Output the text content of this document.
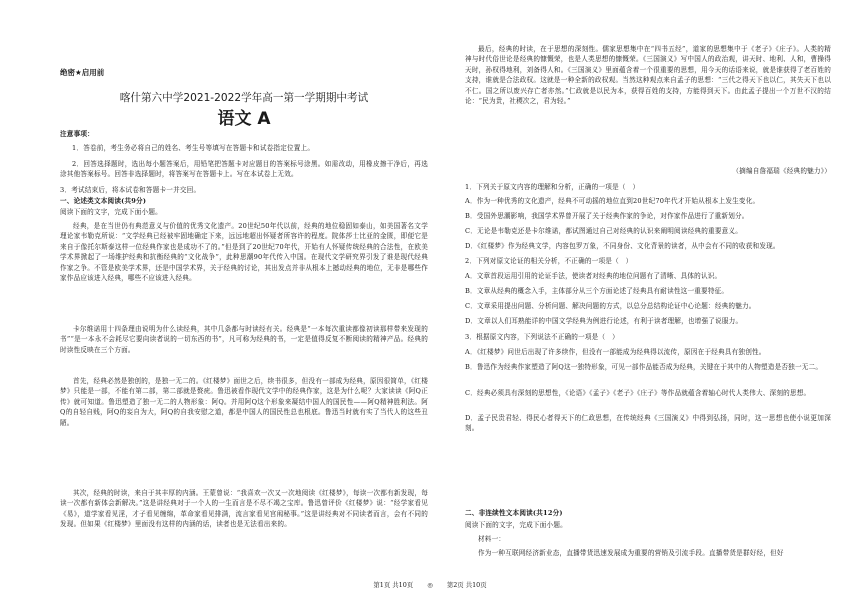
绝密★启用前
喀什第六中学2021-2022学年高一第一学期期中考试
语文 A
注意事项：
1．答卷前，考生务必将自己的姓名、考生号等填写在答题卡和试卷指定位置上。
2．回答选择题时，选出每小题答案后，用铅笔把答题卡对应题目的答案标号涂黑。如需改动，用橡皮擦干净后，再选涂其他答案标号。回答非选择题时，将答案写在答题卡上。写在本试卷上无效。
3．考试结束后，将本试卷和答题卡一并交回。
一、论述类文本阅读(共9分)
阅读下面的文字，完成下面小题。
经典，是在当世仍有典范意义与价值的优秀文化遗产。20世纪50年代以前，经典的地位稳固如泰山，如美国著名文学理论家韦勒克所说：“文学经典已经被牢固地确定下来，远远地超出怀疑者所容许的程度。院体莎士比亚的金匮，即便它是来自于像托尔斯泰这样一位经典作家也是成功不了的。”但是到了20世纪70年代，开始有人怀疑传统经典的合法性，在欧美学术界掀起了一场维护经典和抗衡经典的“文化战争”，此种思潮90年代传入中国。在现代文学研究界引发了谁是现代经典作家之争。不管是欧美学术界，还是中国学术界，关于经典的讨论，其出发点并非从根本上撼动经典的地位，无非是哪些作家作品应该进入经典，哪些不应该进入经典。
卡尔维诺用十四条理由说明为什么读经典，其中几条都与时读经有关。经典是“一本每次重读都像初读那样带来发现的书”“是一本永不会耗尽它要向读者说的一切东西的书”，凡可称为经典的书，一定是值得反复不断阅读的精神产品。经典的时读性反映在三个方面。
首先，经典必然是独创的，是独一无二的。《红楼梦》面世之后，续书很多，但没有一部成为经典，原因很简单，《红楼梦》只能是一部，不能有第二部，第二部就是赘疣。鲁迅被看作现代文学中的经典作家，这是为什么呢？大家读读《阿Q正传》就可知道。鲁迅塑造了独一无二的人物形象：阿Q。并用阿Q这个形象来凝结中国人的国民性——阿Q精神胜利法。阿Q的自轻自贱，阿Q的妄自为大，阿Q的自我安慰之道，都是中国人的国民性总也根底。鲁迅当时就有实了当代人的这些丑陋。
其次，经典的时读，来自于其丰厚的内涵。王蒙曾说：“我喜欢一次又一次地阅读《红楼梦》，每读一次都有新发现，每读一次都有新体会新解决。”这是讲经典对于一个人的一生而言是不尽不竭之宝库。鲁迅曾评价《红楼梦》说：“经学家看见《易》，道学家看见淫，才子看见缠绵，革命家看见排满，流言家看见宫闱秘事。”这是讲经典对不同读者而言，会有不同的发现。但如果《红楼梦》里面没有这样的内涵的话，读者也是无法看出来的。
最后，经典的时读，在于思想的深刻性。儒家思想集中在“四书五经”，道家的思想集中于《老子》《庄子》。人类的精神与时代俗世论是经典的慷慨荣，也是人类思想的慷慨荣。《三国演义》写中国人的政治观，讲天时、地利、人和，曹操得天时，孙权得地利，刘备得人和。《三国演义》里面蕴含着一个很重要的思想，用今天的话语来说，就是谁获得了老百姓的支持，谁就是合法政权。这就是一种全新的政权观。当然这种观点来自孟子的思想：“三代之得天下也以仁，其失天下也以不仁。国之所以废兴存亡者亦然。”仁政就是以民为本，获得百姓的支持，方能得到天下。由此孟子提出一个万世不汉的结论：“民为贵，社稷次之，君为轻。”
（摘编自詹福瑞《经典的魅力》）
1．下列关于原文内容的理解和分析，正确的一项是（　）
A．作为一种优秀的文化遗产，经典不可动摇的地位直到20世纪70年代才开始从根本上发生变化。
B．受国外思潮影响，我国学术界曾开展了关于经典作家的争论，对作家作品进行了重新划分。
C．无论是韦勒克还是卡尔维诺，都试图通过自己对经典的认识来阐明阅读经典的重要意义。
D．《红楼梦》作为经典文学，内容包罗万象，不同身份、文化背景的读者，从中会有不同的收获和发现。
2．下列对原文论证的相关分析，不正确的一项是（　）
A．文章首段运用引用的论证手法，使读者对经典的地位问题有了清晰、具体的认识。
B．文章从经典的概念入手，主体部分从三个方面论述了经典具有耐读性这一重要特征。
C．文章采用提出问题、分析问题、解决问题的方式，以总分总结构论证中心论题：经典的魅力。
D．文章以人们耳熟能详的中国文学经典为例进行论述，有利于读者理解，也增强了说服力。
3．根据原文内容，下列说法不正确的一项是（　）
A．《红楼梦》问世后出现了许多续作，但没有一部能成为经典得以流传，原因在于经典具有独创性。
B．鲁迅作为经典作家塑造了阿Q这一独特形象，可见一部作品能否成为经典，关键在于其中的人物塑造是否独一无二。
C．经典必须具有深刻的思想性，《论语》《孟子》《老子》《庄子》等作品就蕴含着轴心时代人类伟大、深刻的思想。
D．孟子民贵君轻、得民心者得天下的仁政思想，在传统经典《三国演义》中得到弘扬，同时，这一思想也使小说更加深刻。
二、非连续性文本阅读(共12分)
阅读下面的文字，完成下面小题。
材料一：
作为一种互联网经济新业态，直播带货迅速发展成为重要的营销及引流手段。直播带货是群好经，但好
第1页 共10页 ◎ 第2页 共10页
